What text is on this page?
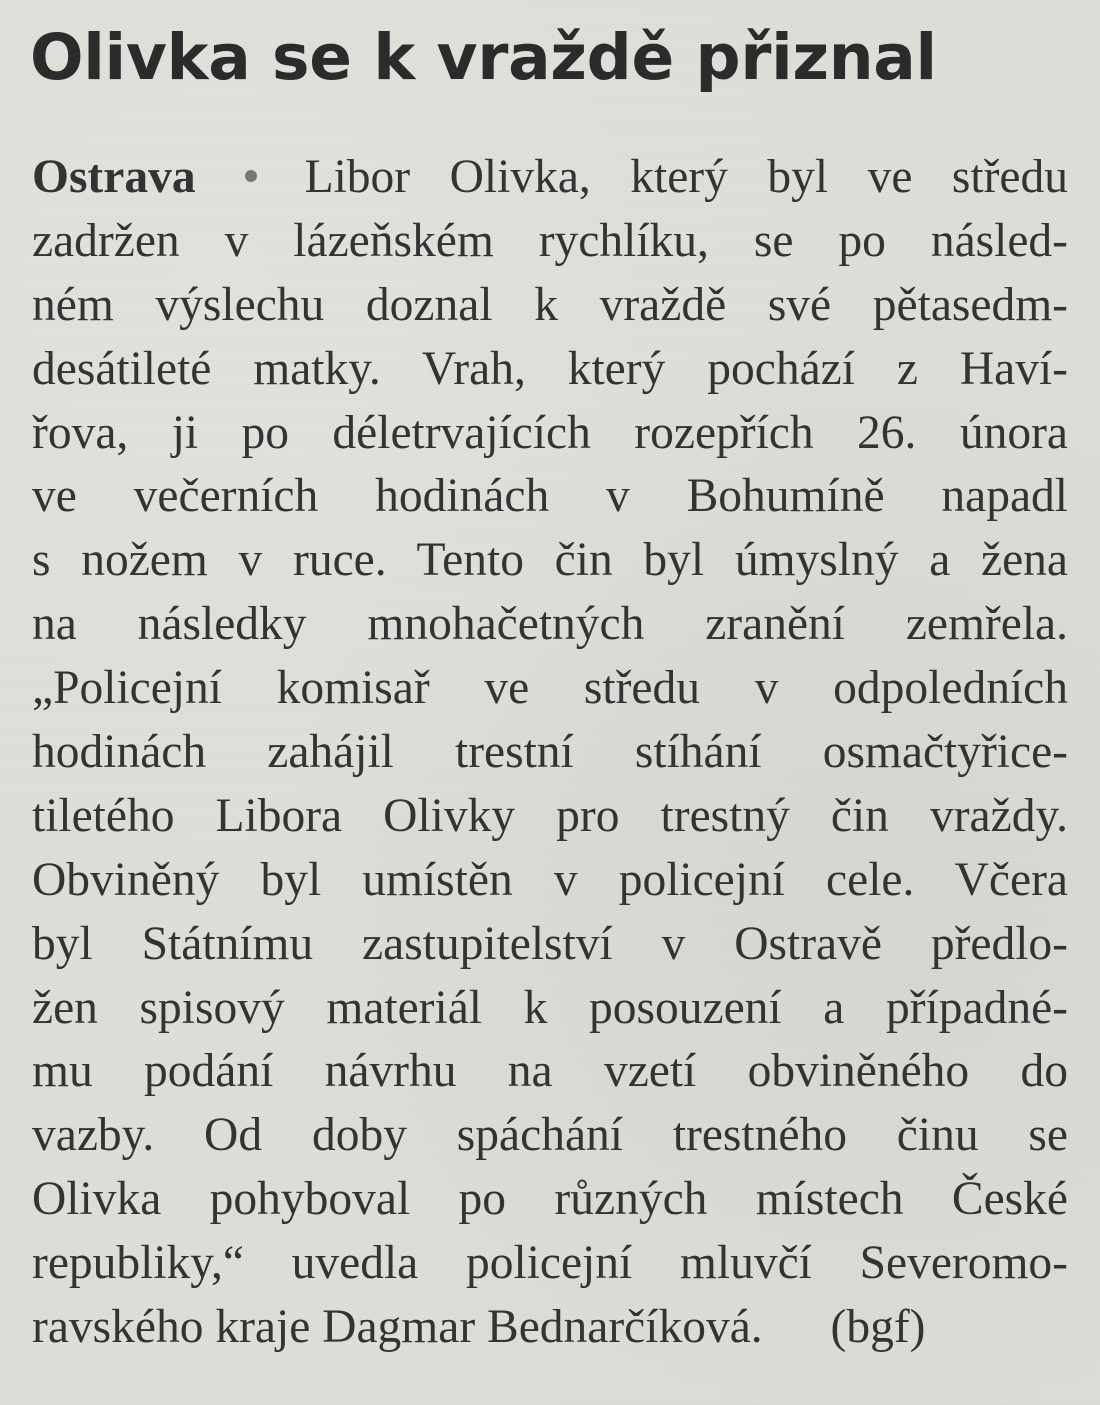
Olivka se k vraždě přiznal
Ostrava Libor Olivka, který byl ve středu
zadržen v lázeňském rychlíku, se po násled-
ném výslechu doznal k vraždě své pětasedm-
desátileté matky. Vrah, který pochází z Haví-
řova, ji po déletrvajících rozepřích 26. února
ve večerních hodinách v Bohumíně napadl
s nožem v ruce. Tento čin byl úmyslný a žena
na následky mnohačetných zranění zemřela.
„Policejní komisař ve středu v odpoledních
hodinách zahájil trestní stíhání osmačtyřice-
tiletého Libora Olivky pro trestný čin vraždy.
Obviněný byl umístěn v policejní cele. Včera
byl Státnímu zastupitelství v Ostravě předlo-
žen spisový materiál k posouzení a případné-
mu podání návrhu na vzetí obviněného do
vazby. Od doby spáchání trestného činu se
Olivka pohyboval po různých místech České
republiky,“ uvedla policejní mluvčí Severomo-
ravského kraje Dagmar Bednarčíková. (bgf)
